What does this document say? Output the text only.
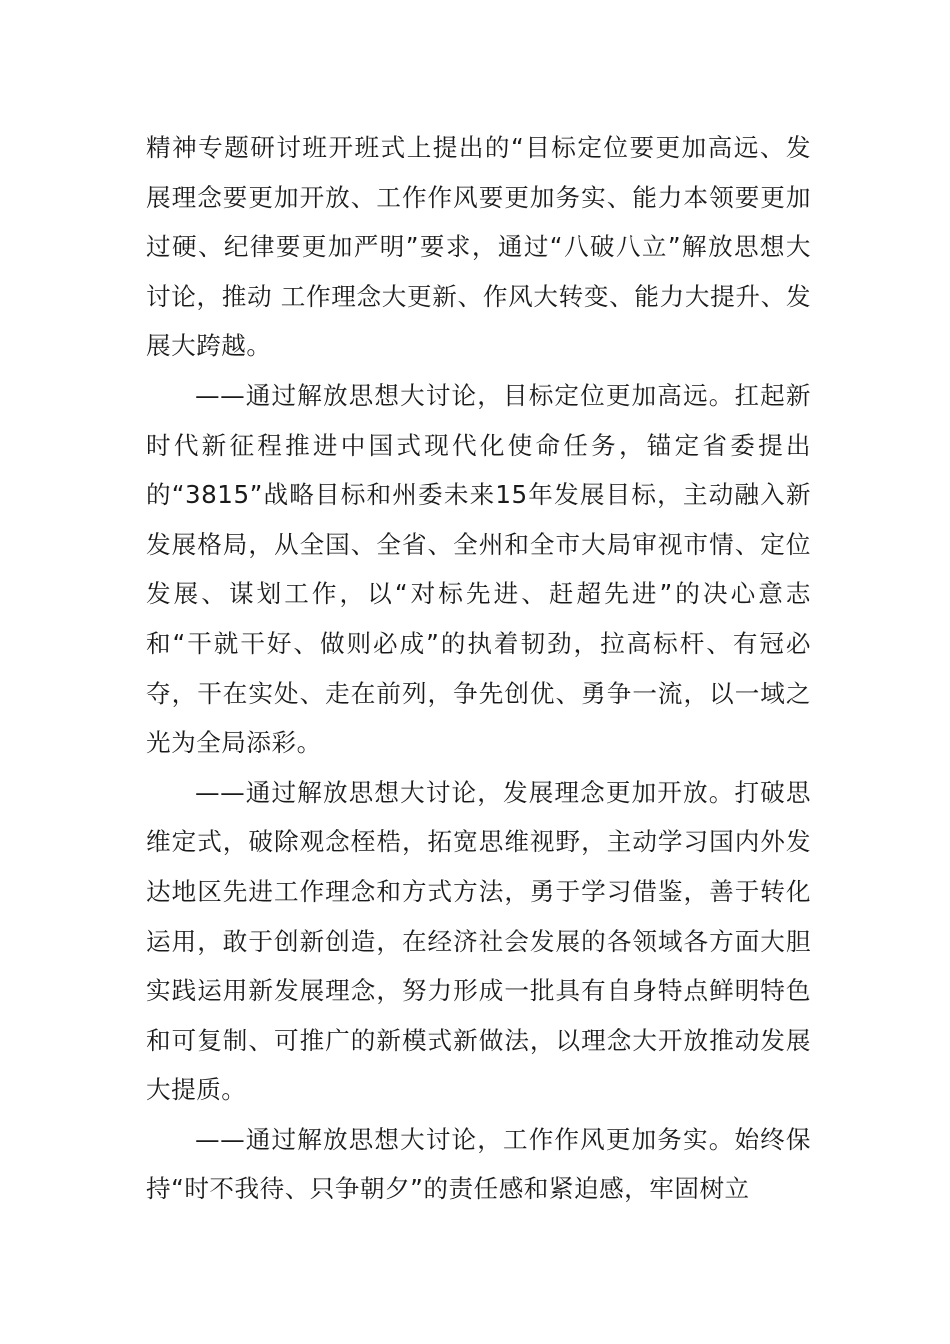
精神专题研讨班开班式上提出的“目标定位要更加高远、发展理念要更加开放、工作作风要更加务实、能力本领要更加过硬、纪律要更加严明”要求，通过“八破八立”解放思想大讨论，推动 工作理念大更新、作风大转变、能力大提升、发展大跨越。

——通过解放思想大讨论，目标定位更加高远。扛起新时代新征程推进中国式现代化使命任务，锚定省委提出的“3815”战略目标和州委未来15年发展目标，主动融入新发展格局，从全国、全省、全州和全市大局审视市情、定位发展、谋划工作，以“对标先进、赶超先进”的决心意志和“干就干好、做则必成”的执着韧劲，拉高标杆、有冠必夺，干在实处、走在前列，争先创优、勇争一流，以一域之光为全局添彩。

——通过解放思想大讨论，发展理念更加开放。打破思维定式，破除观念桎梏，拓宽思维视野，主动学习国内外发达地区先进工作理念和方式方法，勇于学习借鉴，善于转化运用，敢于创新创造，在经济社会发展的各领域各方面大胆实践运用新发展理念，努力形成一批具有自身特点鲜明特色和可复制、可推广的新模式新做法，以理念大开放推动发展大提质。

——通过解放思想大讨论，工作作风更加务实。始终保持“时不我待、只争朝夕”的责任感和紧迫感，牢固树立
